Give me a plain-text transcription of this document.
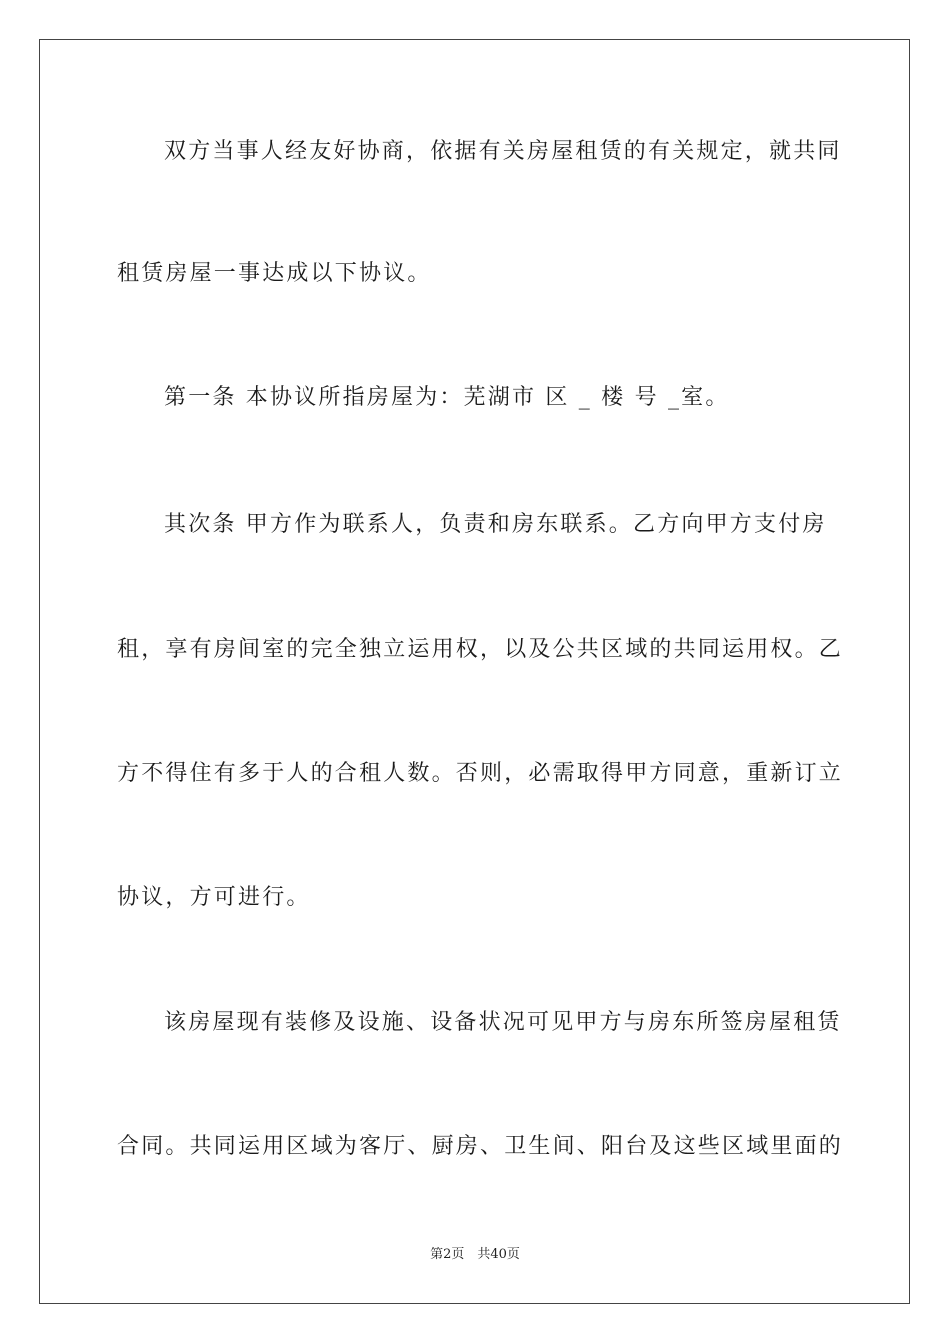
双方当事人经友好协商，依据有关房屋租赁的有关规定，就共同
租赁房屋一事达成以下协议。
第一条 本协议所指房屋为：芜湖市 区 _ 楼 号 _室。
其次条 甲方作为联系人，负责和房东联系。乙方向甲方支付房
租，享有房间室的完全独立运用权，以及公共区域的共同运用权。乙
方不得住有多于人的合租人数。否则，必需取得甲方同意，重新订立
协议，方可进行。
该房屋现有装修及设施、设备状况可见甲方与房东所签房屋租赁
合同。共同运用区域为客厅、厨房、卫生间、阳台及这些区域里面的
第2页　共40页
